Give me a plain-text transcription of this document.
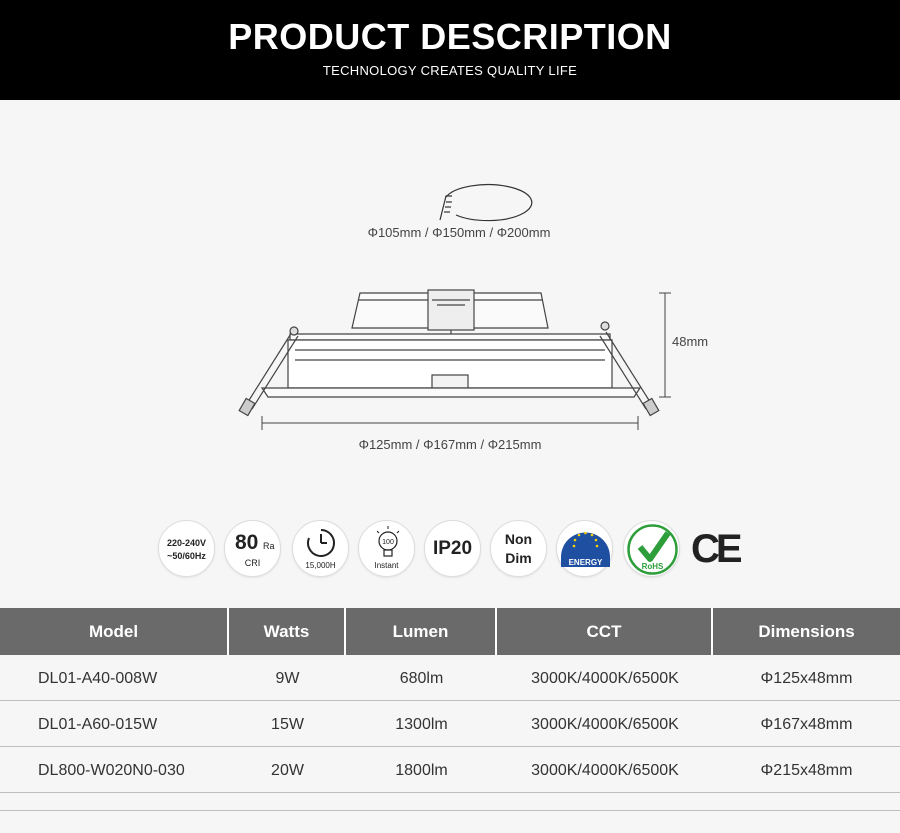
PRODUCT DESCRIPTION
TECHNOLOGY CREATES QUALITY LIFE
Φ105mm / Φ150mm / Φ200mm
Φ125mm / Φ167mm / Φ215mm
48mm
220-240V
~50/60Hz
80 Ra
CRI	15,000H
100
Instant
IP20	Non
Dim	ENERGY	RoHS CE
Model	Watts	Lumen	CCT	Dimensions
DL01-A40-008W	9W	680lm	3000K/4000K/6500K	Φ125x48mm
DL01-A60-015W	15W	1300lm	3000K/4000K/6500K	Φ167x48mm
DL800-W020N0-030	20W	1800lm	3000K/4000K/6500K	Φ215x48mm
